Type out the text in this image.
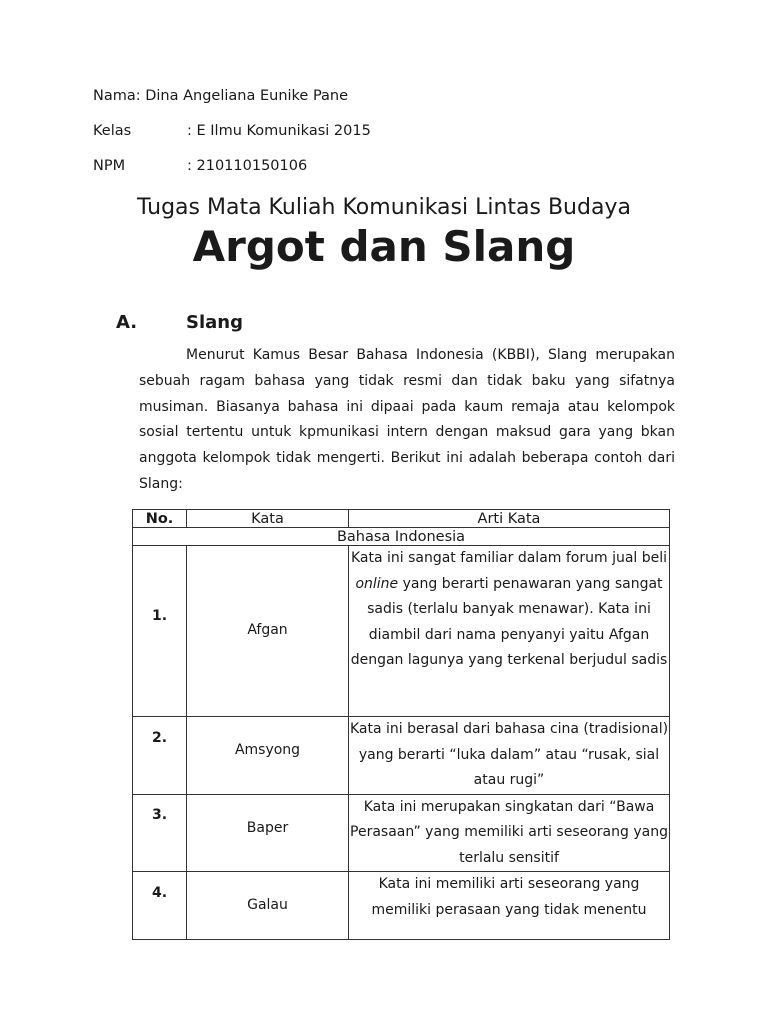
Nama: Dina Angeliana Eunike Pane
Kelas	: E Ilmu Komunikasi 2015
NPM	: 210110150106
Tugas Mata Kuliah Komunikasi Lintas Budaya
Argot dan Slang
A.	Slang

Menurut Kamus Besar Bahasa Indonesia (KBBI), Slang merupakan sebuah ragam bahasa yang tidak resmi dan tidak baku yang sifatnya musiman. Biasanya bahasa ini dipaai pada kaum remaja atau kelompok sosial tertentu untuk kpmunikasi intern dengan maksud gara yang bkan anggota kelompok tidak mengerti. Berikut ini adalah beberapa contoh dari Slang:

No.	Kata	Arti Kata
Bahasa Indonesia		

1.	Afgan	Kata ini sangat familiar dalam forum jual beli online yang berarti penawaran yang sangat sadis (terlalu banyak menawar). Kata ini diambil dari nama penyanyi yaitu Afgan dengan lagunya yang terkenal berjudul sadis

2.	Amsyong	Kata ini berasal dari bahasa cina (tradisional) yang berarti “luka dalam” atau “rusak, sial atau rugi”

3.	Baper	Kata ini merupakan singkatan dari “Bawa Perasaan” yang memiliki arti seseorang yang terlalu sensitif

4.	Galau	Kata ini memiliki arti seseorang yang memiliki perasaan yang tidak menentu
